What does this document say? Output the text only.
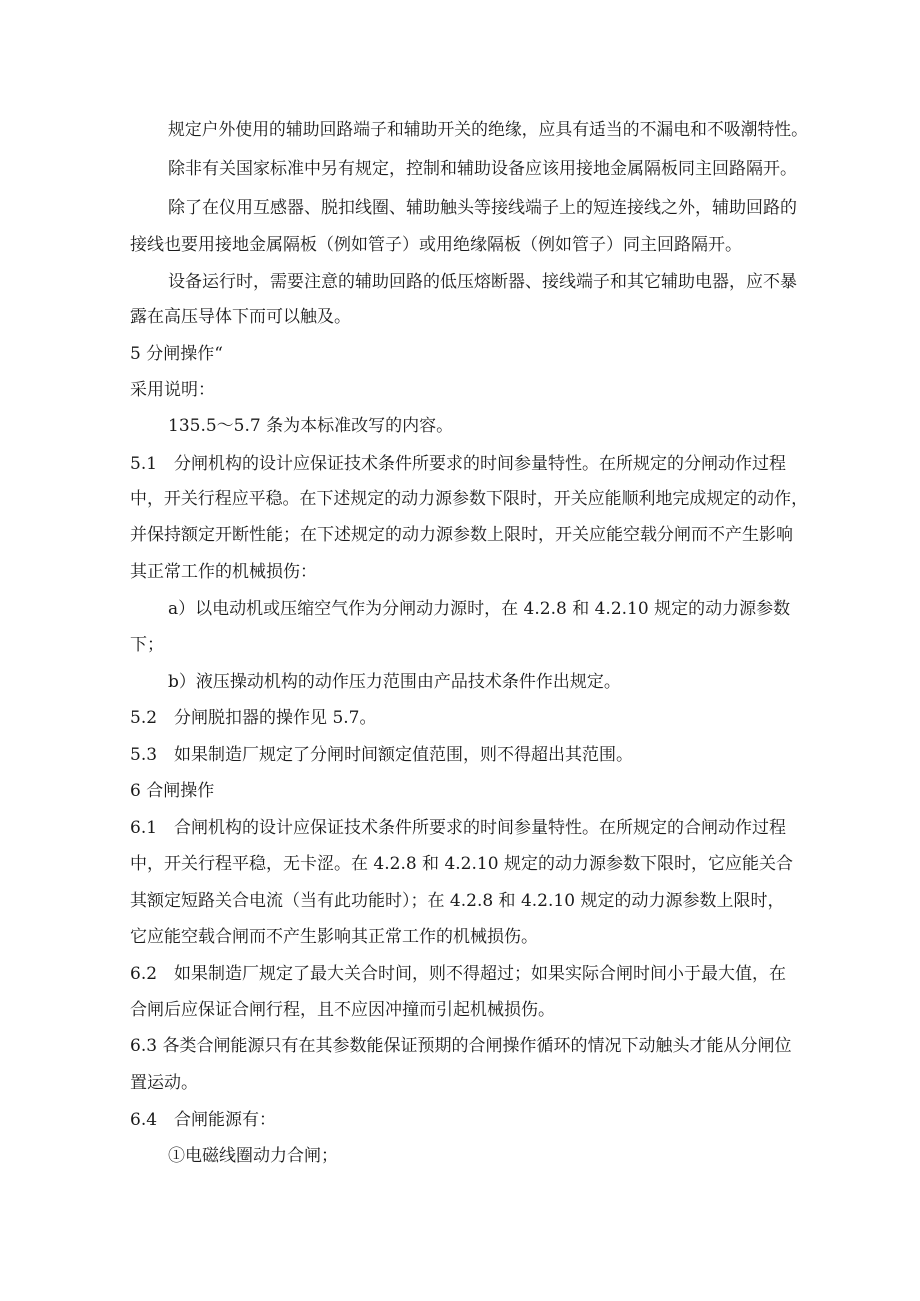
规定户外使用的辅助回路端子和辅助开关的绝缘，应具有适当的不漏电和不吸潮特性。
除非有关国家标准中另有规定，控制和辅助设备应该用接地金属隔板同主回路隔开。
除了在仪用互感器、脱扣线圈、辅助触头等接线端子上的短连接线之外，辅助回路的
接线也要用接地金属隔板（例如管子）或用绝缘隔板（例如管子）同主回路隔开。
设备运行时，需要注意的辅助回路的低压熔断器、接线端子和其它辅助电器，应不暴
露在高压导体下而可以触及。
5 分闸操作“
采用说明：
135.5～5.7 条为本标准改写的内容。
5.1　分闸机构的设计应保证技术条件所要求的时间参量特性。在所规定的分闸动作过程
中，开关行程应平稳。在下述规定的动力源参数下限时，开关应能顺利地完成规定的动作，
并保持额定开断性能；在下述规定的动力源参数上限时，开关应能空载分闸而不产生影响
其正常工作的机械损伤：
a）以电动机或压缩空气作为分闸动力源时，在 4.2.8 和 4.2.10 规定的动力源参数
下；
b）液压操动机构的动作压力范围由产品技术条件作出规定。
5.2　分闸脱扣器的操作见 5.7。
5.3　如果制造厂规定了分闸时间额定值范围，则不得超出其范围。
6 合闸操作
6.1　合闸机构的设计应保证技术条件所要求的时间参量特性。在所规定的合闸动作过程
中，开关行程平稳，无卡涩。在 4.2.8 和 4.2.10 规定的动力源参数下限时，它应能关合
其额定短路关合电流（当有此功能时）；在 4.2.8 和 4.2.10 规定的动力源参数上限时，
它应能空载合闸而不产生影响其正常工作的机械损伤。
6.2　如果制造厂规定了最大关合时间，则不得超过；如果实际合闸时间小于最大值，在
合闸后应保证合闸行程，且不应因冲撞而引起机械损伤。
6.3 各类合闸能源只有在其参数能保证预期的合闸操作循环的情况下动触头才能从分闸位
置运动。
6.4　合闸能源有：
①电磁线圈动力合闸；
